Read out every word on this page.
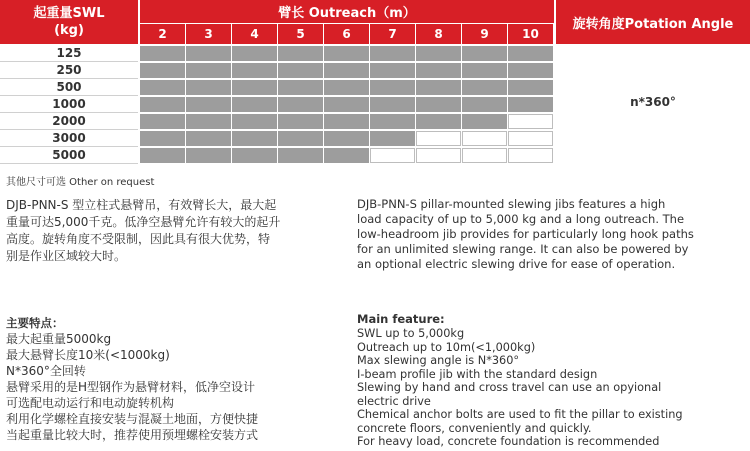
起重量SWL
(kg)
臂长 Outreach（m）
旋转角度Potation Angle
2	3	4	5	6	7	8	9	10
125
250
500
1000
2000
3000
5000
n*360°
其他尺寸可选 Other on request
DJB-PNN-S 型立柱式悬臂吊，有效臂长大，最大起
重量可达5,000千克。低净空悬臂允许有较大的起升
高度。旋转角度不受限制，因此具有很大优势，特
别是作业区域较大时。
DJB-PNN-S pillar-mounted slewing jibs features a high
load capacity of up to 5,000 kg and a long outreach. The
low-headroom jib provides for particularly long hook paths
for an unlimited slewing range. It can also be powered by
an optional electric slewing drive for ease of operation.
主要特点：
最大起重量5000kg
最大悬臂长度10米(<1000kg)
N*360°全回转
悬臂采用的是H型钢作为悬臂材料，低净空设计
可选配电动运行和电动旋转机构
利用化学螺栓直接安装与混凝土地面，方便快捷
当起重量比较大时，推荐使用预埋螺栓安装方式
Main feature:
SWL up to 5,000kg
Outreach up to 10m(<1,000kg)
Max slewing angle is N*360°
I-beam profile jib with the standard design
Slewing by hand and cross travel can use an opyional
electric drive
Chemical anchor bolts are used to fit the pillar to existing
concrete floors, conveniently and quickly.
For heavy load, concrete foundation is recommended
